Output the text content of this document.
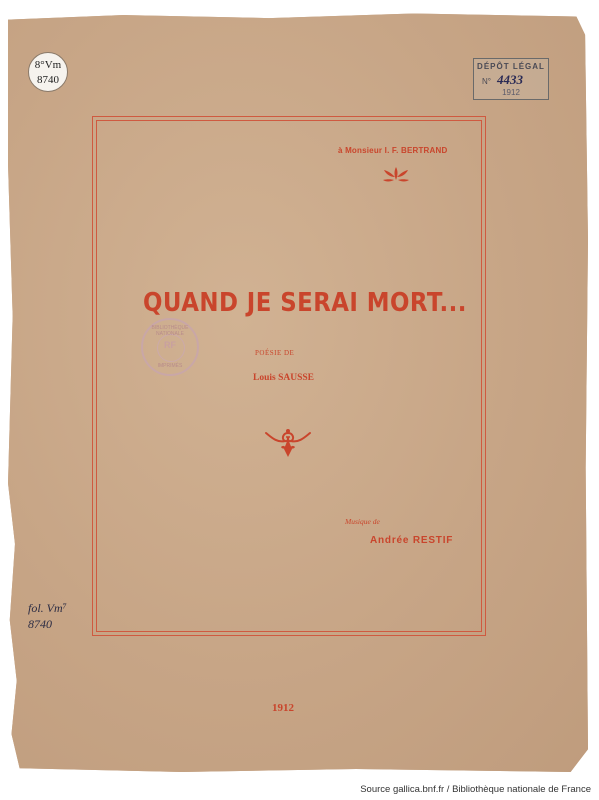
8°Vm
8740
DÉPÔT LÉGAL
N° 4433
1912
à Monsieur I. F. BERTRAND
QUAND JE SERAI MORT...
BIBLIOTHÈQUE NATIONALE
RF
IMPRIMÉS
POÉSIE DE
Louis SAUSSE
Musique de
Andrée RESTIF
fol. Vm⁷
8740
1912
Source gallica.bnf.fr / Bibliothèque nationale de France
